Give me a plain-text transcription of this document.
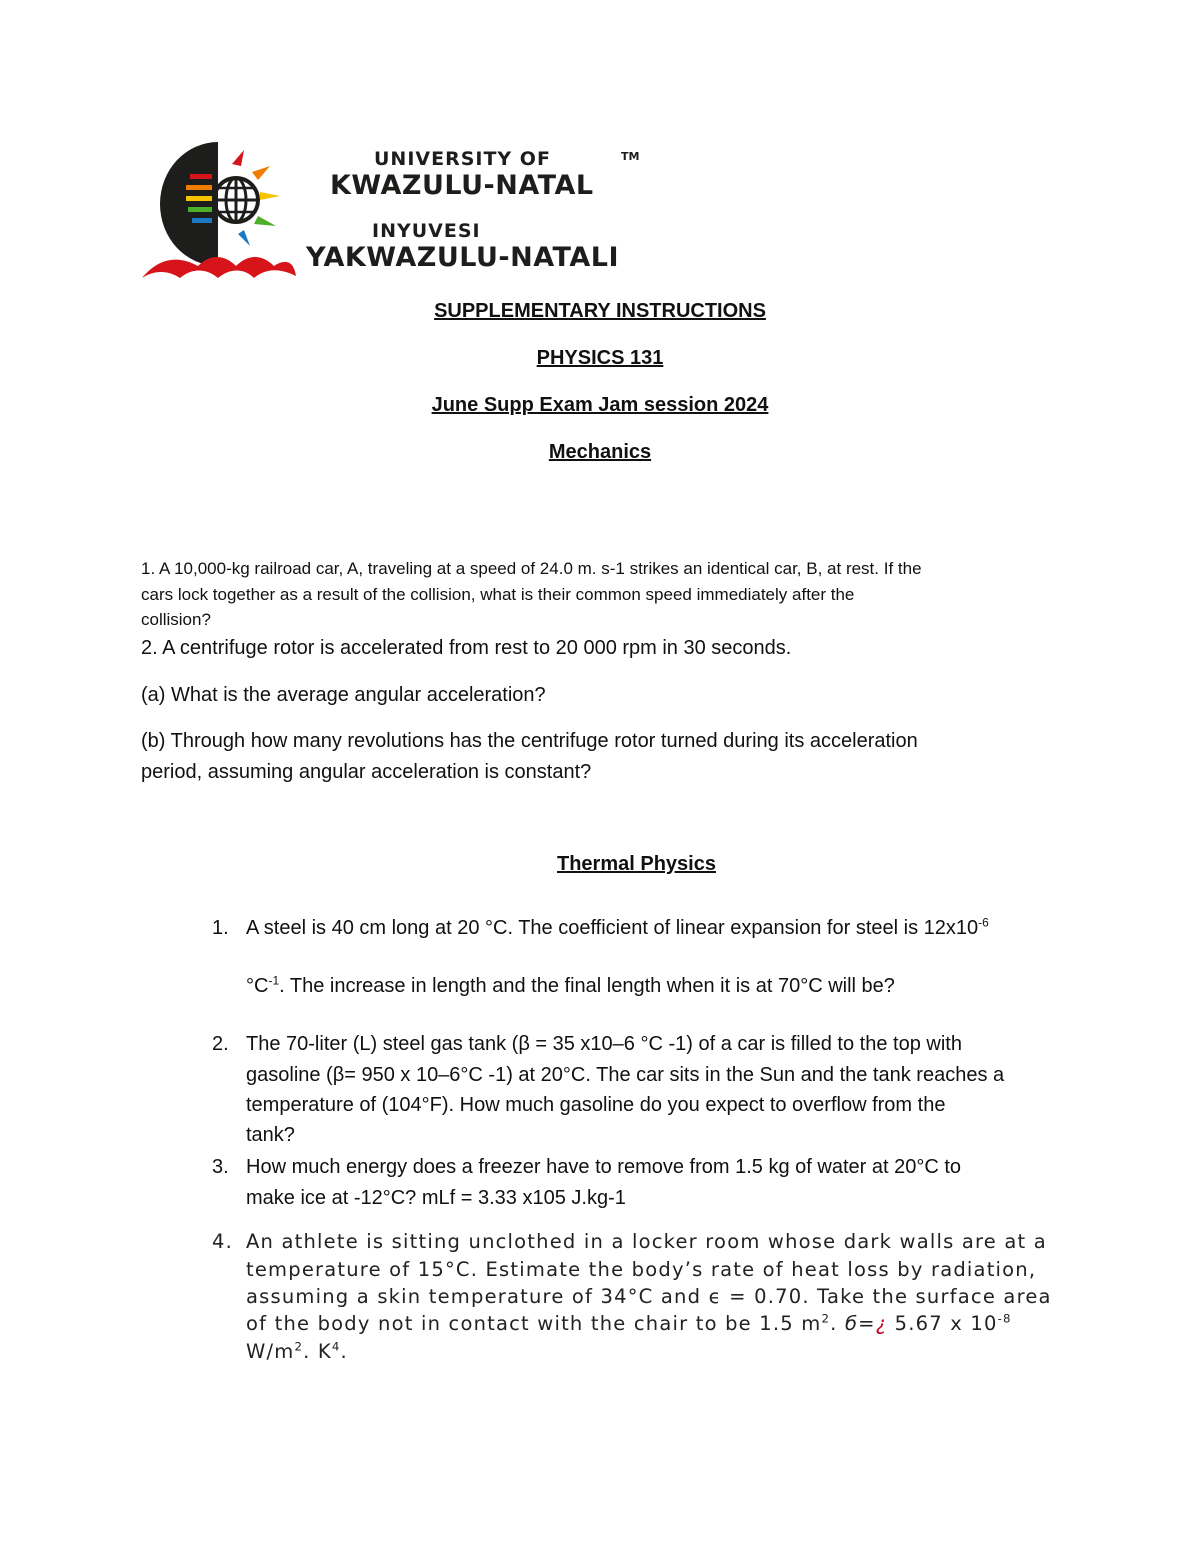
UNIVERSITY OF	TM
KWAZULU-NATAL
INYUVESI
YAKWAZULU-NATALI
SUPPLEMENTARY INSTRUCTIONS
PHYSICS 131
June Supp Exam Jam session 2024
Mechanics
1. A 10,000-kg railroad car, A, traveling at a speed of 24.0 m. s-1 strikes an identical car, B, at rest. If the
cars lock together as a result of the collision, what is their common speed immediately after the
collision?
2. A centrifuge rotor is accelerated from rest to 20 000 rpm in 30 seconds.
(a) What is the average angular acceleration?
(b) Through how many revolutions has the centrifuge rotor turned during its acceleration
period, assuming angular acceleration is constant?
Thermal Physics
1. A steel is 40 cm long at 20 °C. The coefficient of linear expansion for steel is $12x10^{-6}$
$^\circ C^{-1}$. The increase in length and the final length when it is at 70°C will be?
2. The 70-liter (L) steel gas tank (β = 35 x10–6 °C -1) of a car is filled to the top with
gasoline (β= 950 x 10–6°C -1) at 20°C. The car sits in the Sun and the tank reaches a
temperature of (104°F). How much gasoline do you expect to overflow from the
tank?
3. How much energy does a freezer have to remove from 1.5 kg of water at 20°C to
make ice at -12°C? mLf = 3.33 x105 J.kg-1
4. An athlete is sitting unclothed in a locker room whose dark walls are at a
temperature of 15°C. Estimate the body’s rate of heat loss by radiation,
assuming a skin temperature of 34°C and ϵ = 0.70. Take the surface area
of the body not in contact with the chair to be 1.5 $m^2$. б=¿ 5.67 x $10^{-8}$
$W/m^2$. $K^4$.
